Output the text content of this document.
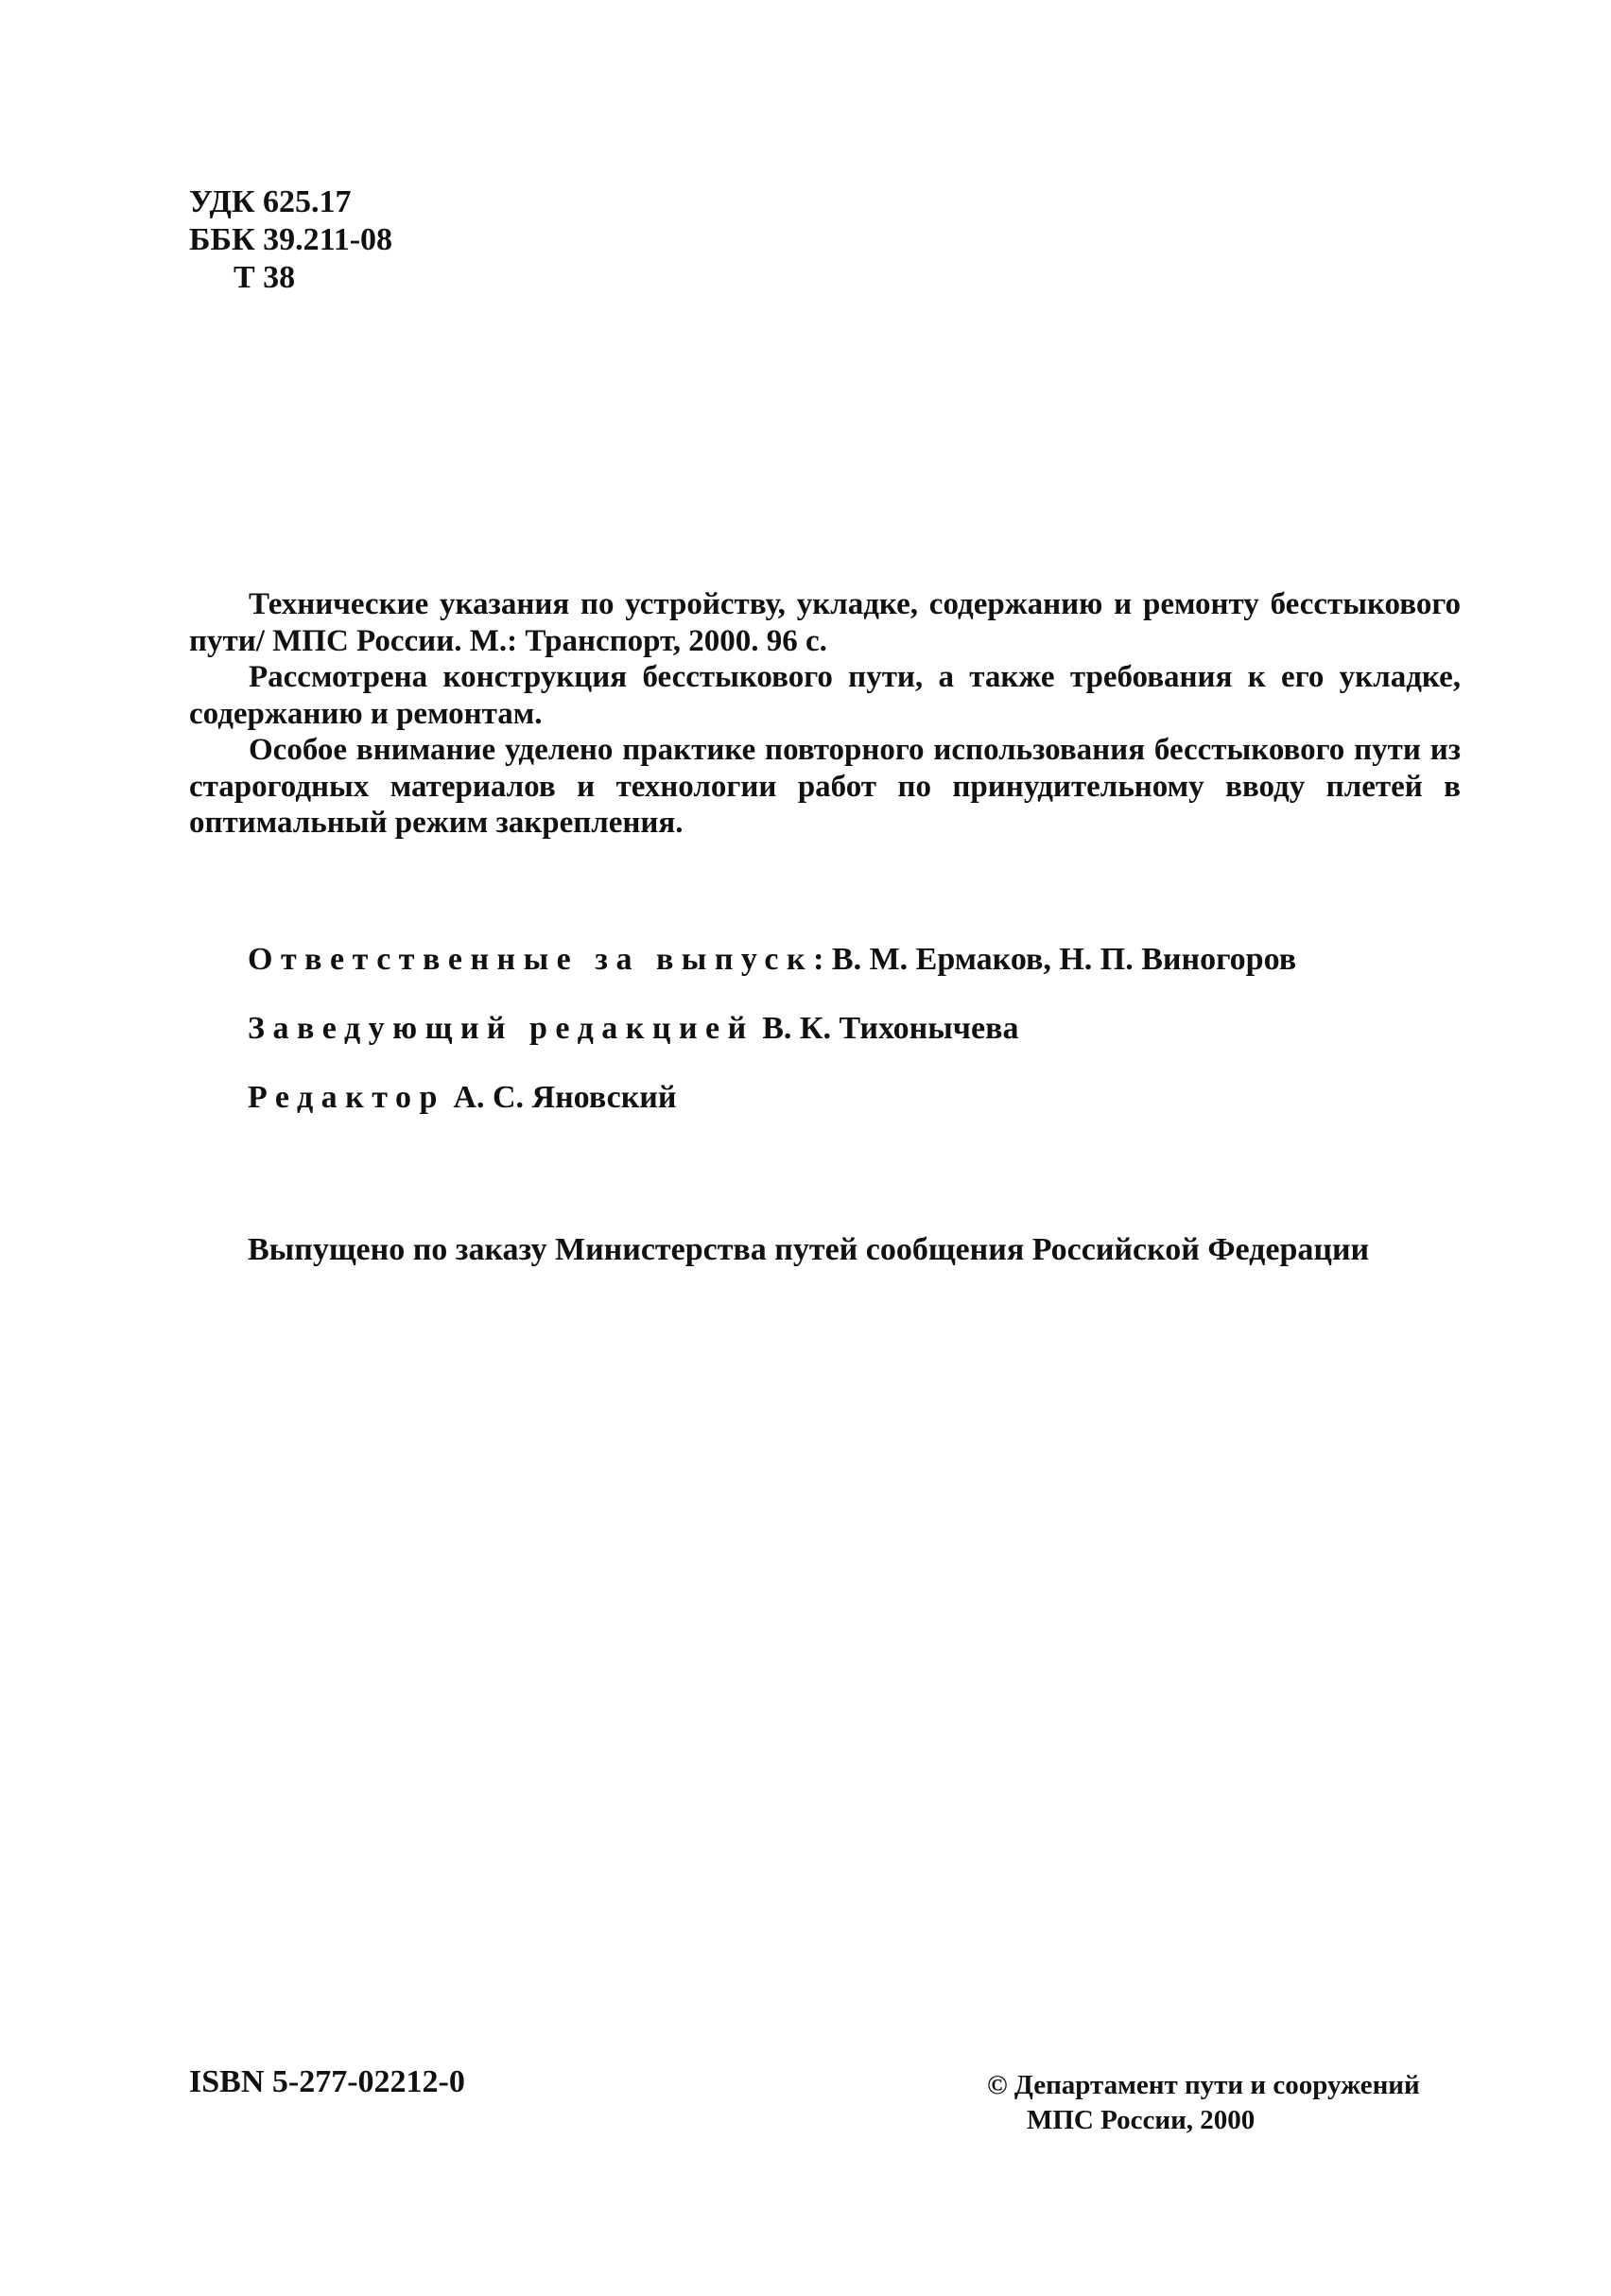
УДК 625.17
ББК 39.211-08
Т 38

Технические указания по устройству, укладке, содержанию и ремонту бесстыкового пути/ МПС России. М.: Транспорт, 2000. 96 с.

Рассмотрена конструкция бесстыкового пути, а также требования к его укладке, содержанию и ремонтам.

Особое внимание уделено практике повторного использования бесстыкового пути из старогодных материалов и технологии работ по принудительному вводу плетей в оптимальный режим закрепления.

Ответственные за выпуск: В. М. Ермаков, Н. П. Виногоров
Заведующий редакцией В. К. Тихонычева
Редактор А. С. Яновский
Выпущено по заказу Министерства путей сообщения Российской Федерации
ISBN 5-277-02212-0	© Департамент пути и сооружений
МПС России, 2000
